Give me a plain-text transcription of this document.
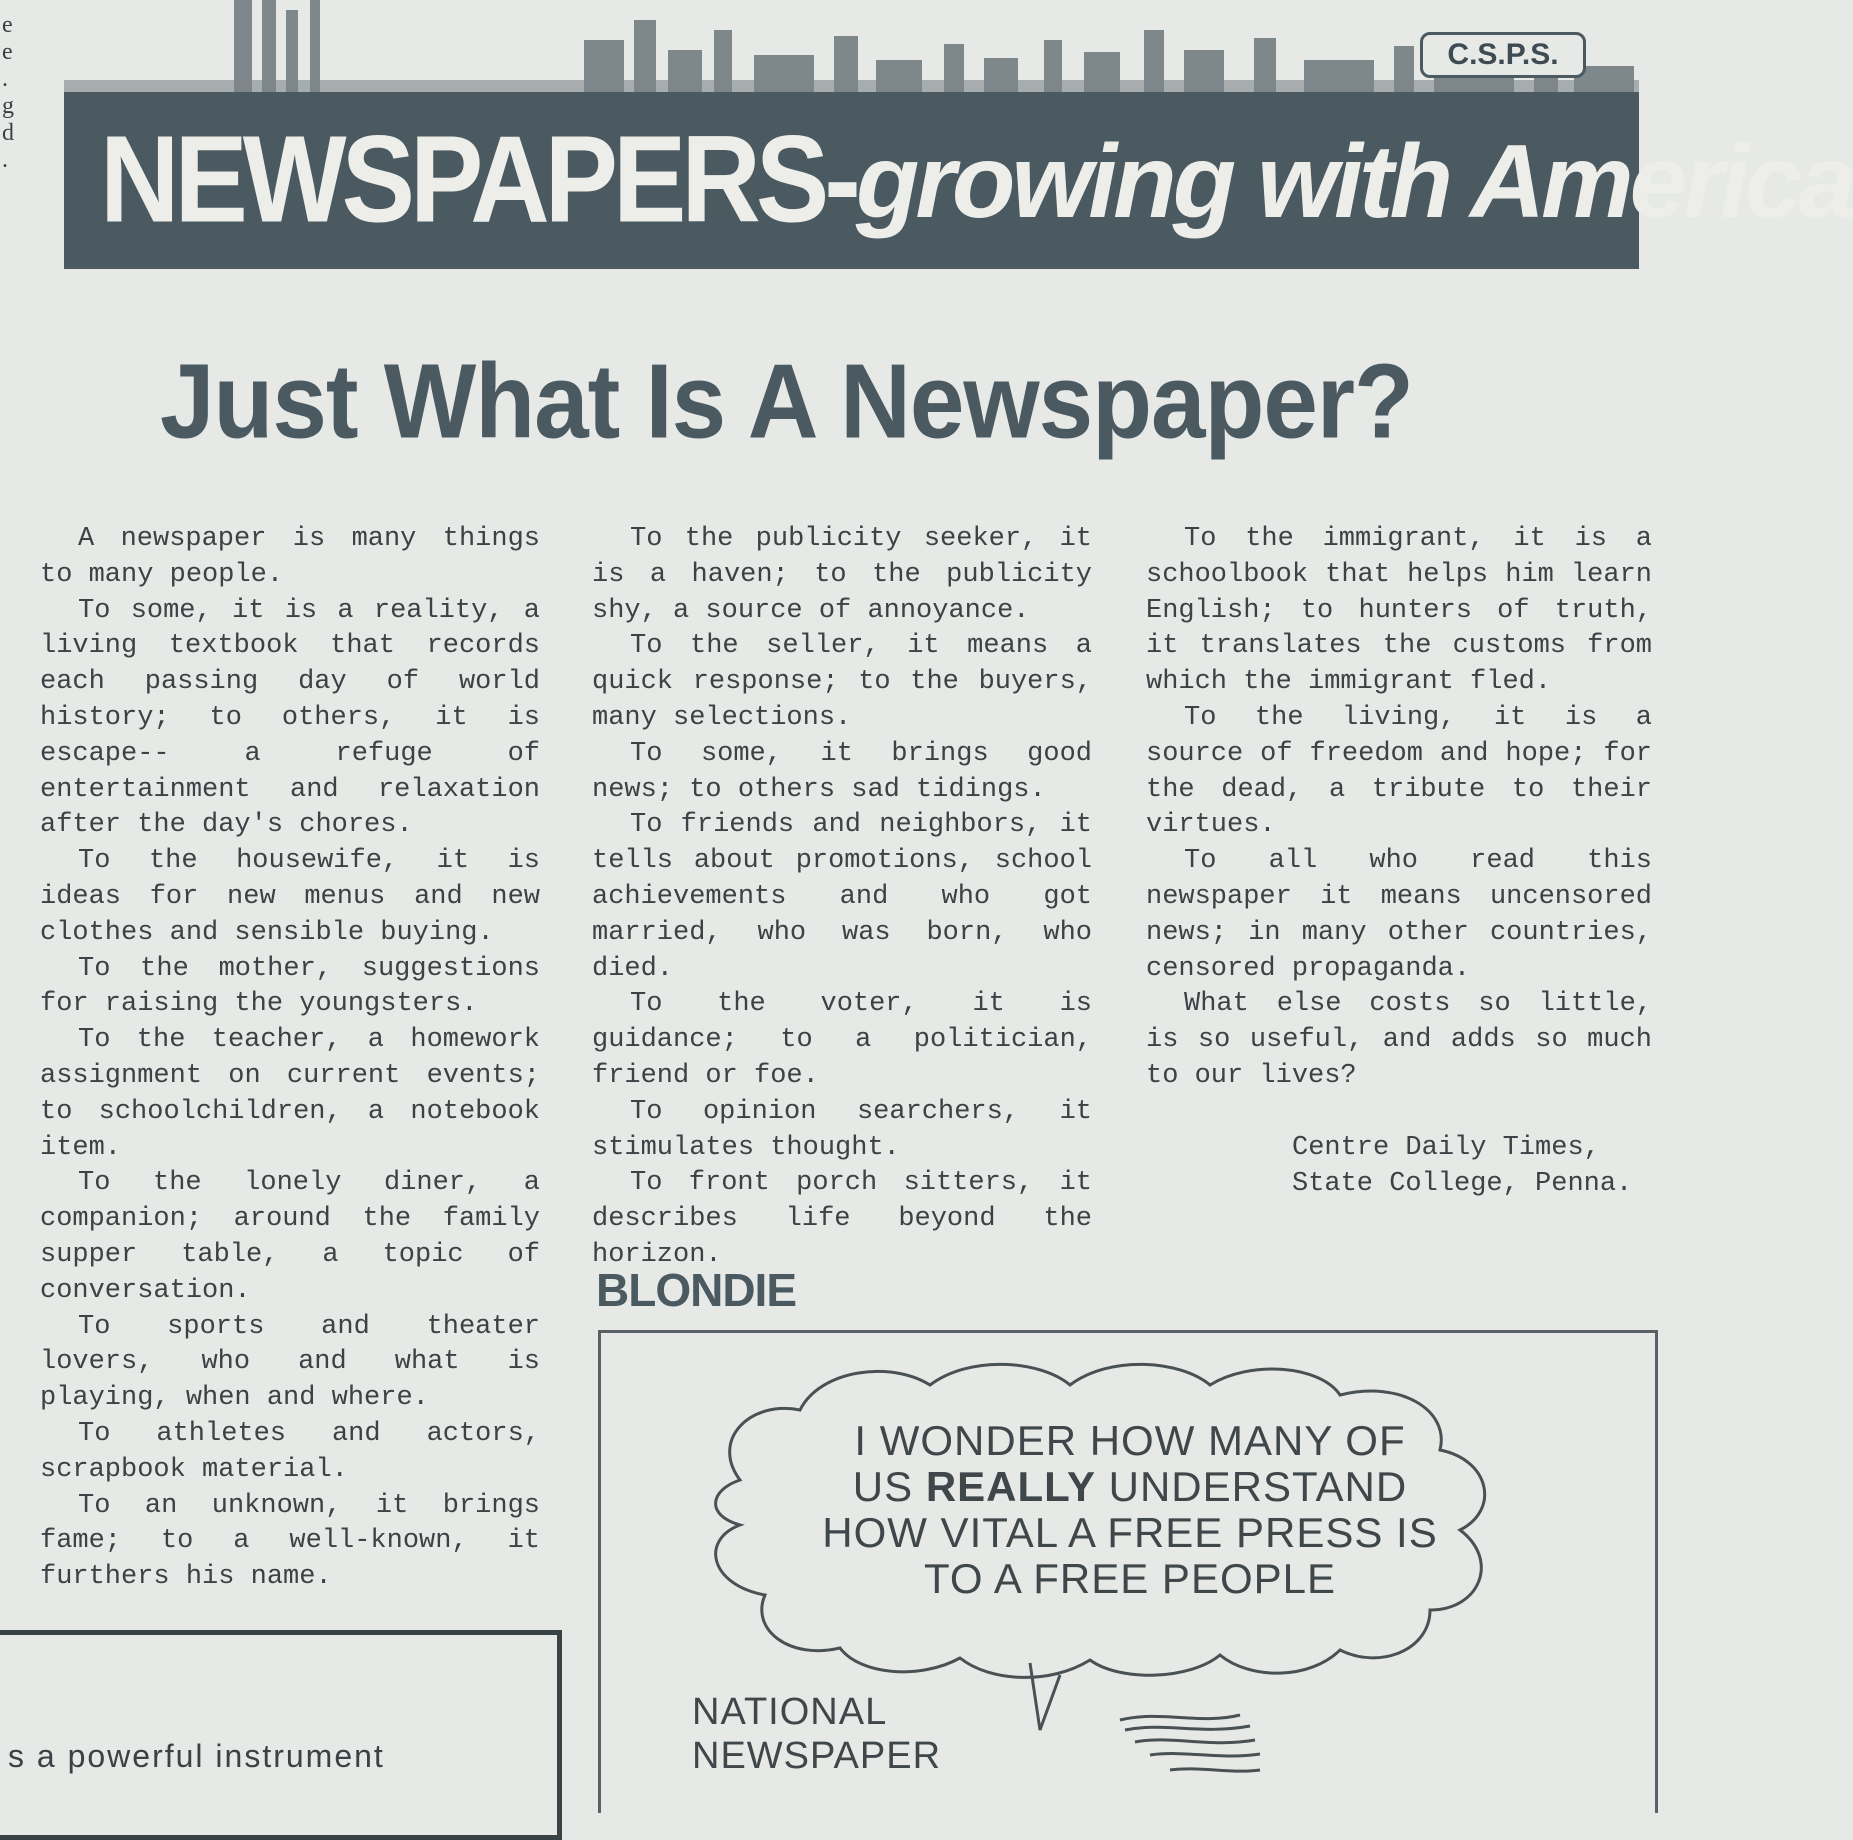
e
e
.
g
d
. NEWSPAPERS-growing with America
C.S.P.S.
Just What Is A Newspaper?

A newspaper is many things to many people.

To some, it is a reality, a living textbook that records each passing day of world history; to others, it is escape-- a refuge of entertainment and relaxation after the day's chores.

To the housewife, it is ideas for new menus and new clothes and sensible buying.

To the mother, suggestions for raising the youngsters.

To the teacher, a homework assignment on current events; to schoolchildren, a notebook item.

To the lonely diner, a companion; around the family supper table, a topic of conversation.

To sports and theater lovers, who and what is playing, when and where.

To athletes and actors, scrapbook material.

To an unknown, it brings fame; to a well-known, it furthers his name.

To the publicity seeker, it is a haven; to the publicity shy, a source of annoyance.

To the seller, it means a quick response; to the buyers, many selections.

To some, it brings good news; to others sad tidings.

To friends and neighbors, it tells about promotions, school achievements and who got married, who was born, who died.

To the voter, it is guidance; to a politician, friend or foe.

To opinion searchers, it stimulates thought.

To front porch sitters, it describes life beyond the horizon.

To the immigrant, it is a schoolbook that helps him learn English; to hunters of truth, it translates the customs from which the immigrant fled.

To the living, it is a source of freedom and hope; for the dead, a tribute to their virtues.

To all who read this newspaper it means uncensored news; in many other countries, censored propaganda.

What else costs so little, is so useful, and adds so much to our lives?

Centre Daily Times,
State College, Penna.
BLONDIE
I WONDER HOW MANY OF
US REALLY UNDERSTAND
HOW VITAL A FREE PRESS IS
TO A FREE PEOPLE
NATIONAL
NEWSPAPER
s a powerful instrument
